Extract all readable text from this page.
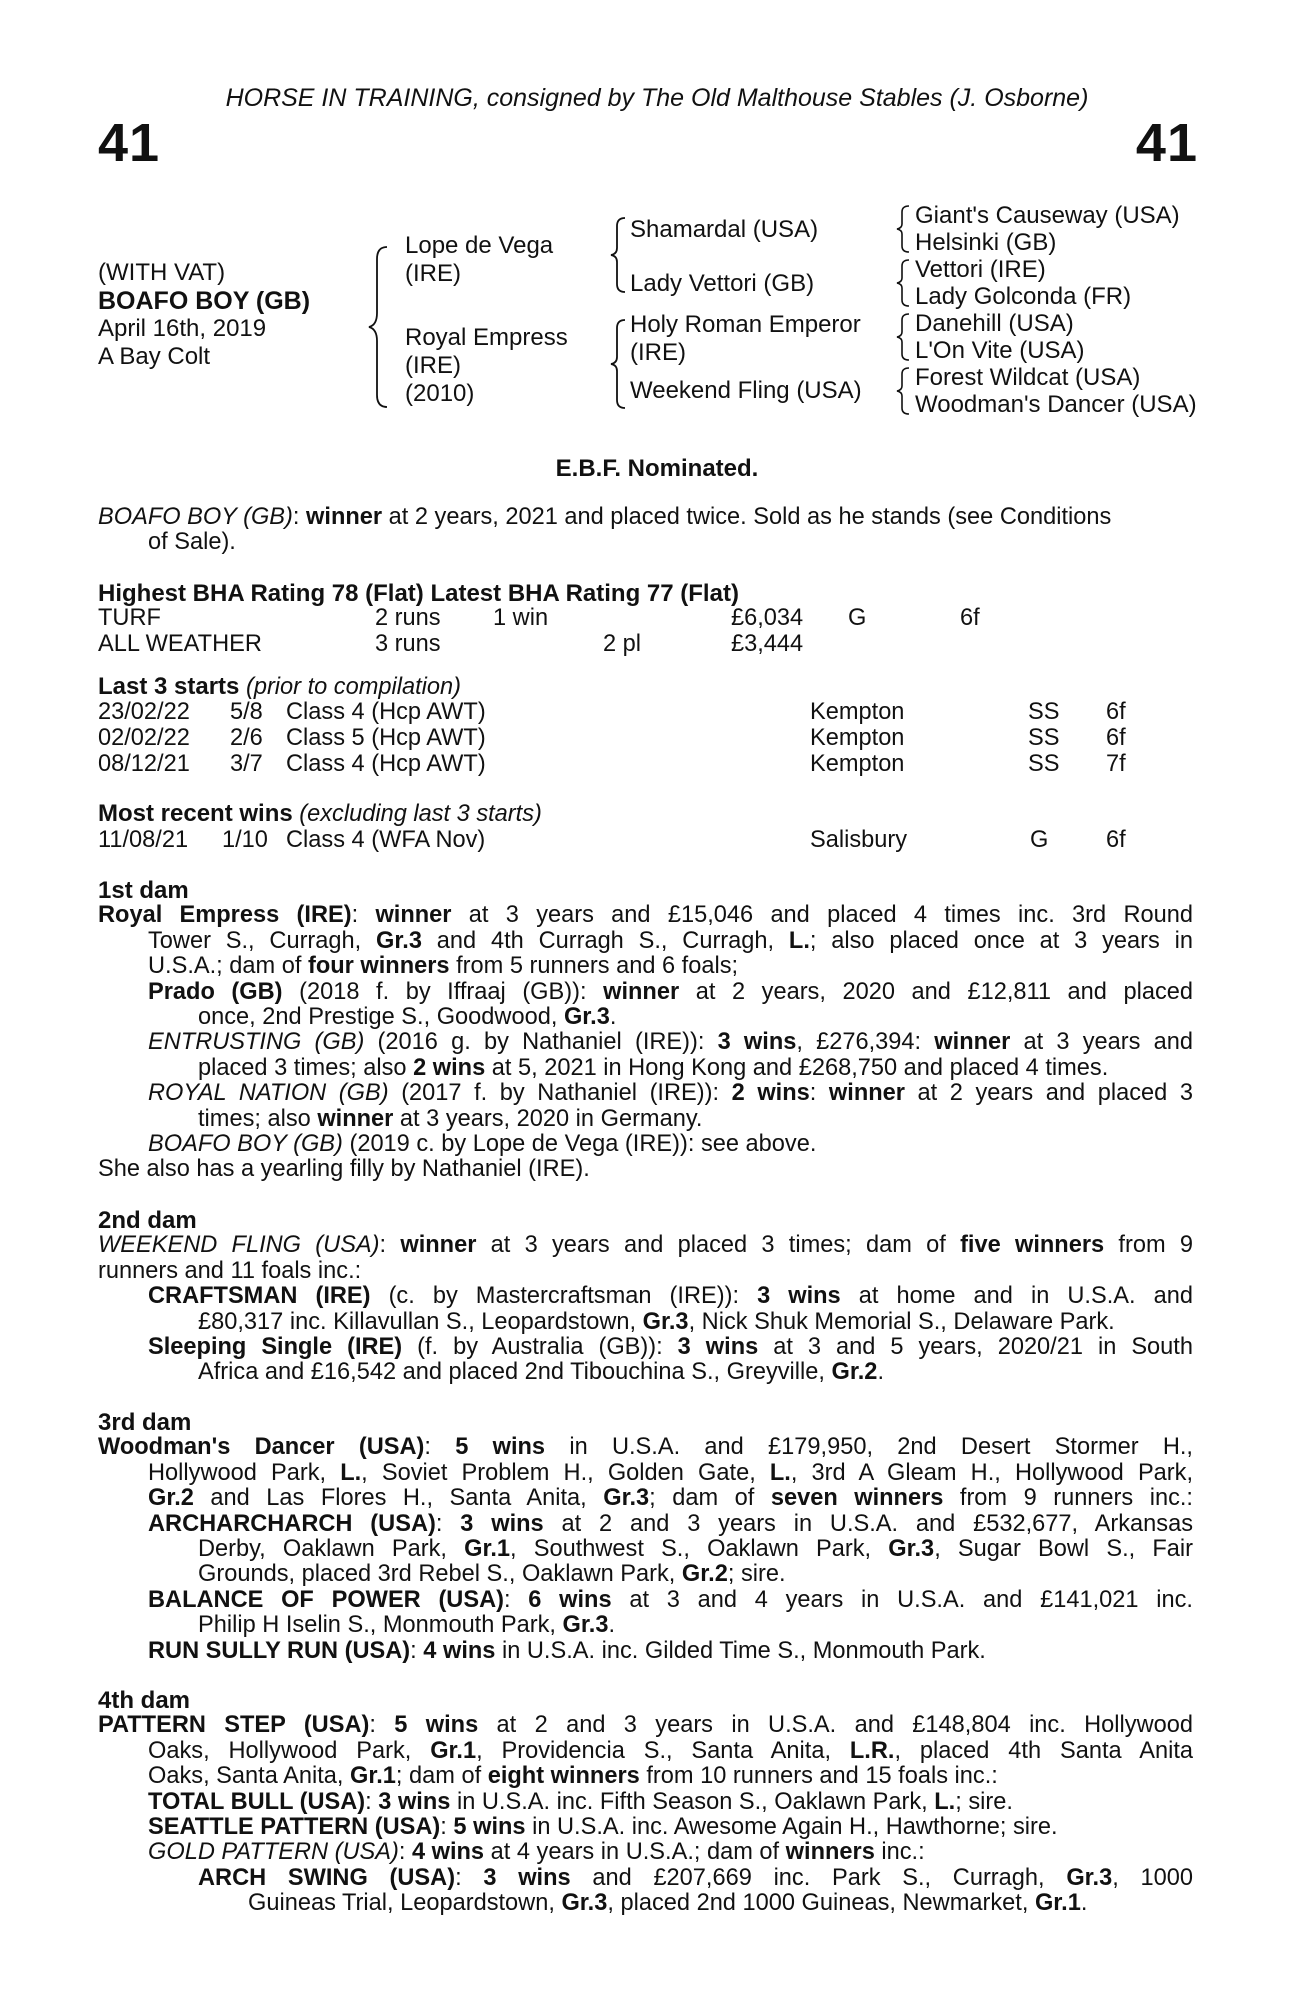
HORSE IN TRAINING, consigned by The Old Malthouse Stables (J. Osborne)
41	41
(WITH VAT)
BOAFO BOY (GB)
April 16th, 2019
A Bay Colt
Lope de Vega
(IRE)
Royal Empress
(IRE)
(2010)
Shamardal (USA)
Lady Vettori (GB)
Holy Roman Emperor
(IRE)
Weekend Fling (USA)
Giant's Causeway (USA)
Helsinki (GB)
Vettori (IRE)
Lady Golconda (FR)
Danehill (USA)
L'On Vite (USA)
Forest Wildcat (USA)
Woodman's Dancer (USA)
E.B.F. Nominated.
BOAFO BOY (GB): winner at 2 years, 2021 and placed twice. Sold as he stands (see Conditions
of Sale).
Highest BHA Rating 78 (Flat) Latest BHA Rating 77 (Flat)
TURF	2 runs 1 win	£6,034 G	6f
ALL WEATHER	3 runs	2 pl	£3,444
Last 3 starts (prior to compilation)
23/02/22 5/8 Class 4 (Hcp AWT)	Kempton	SS 6f
02/02/22 2/6 Class 5 (Hcp AWT)	Kempton	SS 6f
08/12/21 3/7 Class 4 (Hcp AWT)	Kempton	SS 7f
Most recent wins (excluding last 3 starts)
11/08/21 1/10 Class 4 (WFA Nov)	Salisbury	G 6f
1st dam
Royal Empress (IRE): winner at 3 years and £15,046 and placed 4 times inc. 3rd Round
Tower S., Curragh, Gr.3 and 4th Curragh S., Curragh, L.; also placed once at 3 years in
U.S.A.; dam of four winners from 5 runners and 6 foals;
Prado (GB) (2018 f. by Iffraaj (GB)): winner at 2 years, 2020 and £12,811 and placed
once, 2nd Prestige S., Goodwood, Gr.3.
ENTRUSTING (GB) (2016 g. by Nathaniel (IRE)): 3 wins, £276,394: winner at 3 years and
placed 3 times; also 2 wins at 5, 2021 in Hong Kong and £268,750 and placed 4 times.
ROYAL NATION (GB) (2017 f. by Nathaniel (IRE)): 2 wins: winner at 2 years and placed 3
times; also winner at 3 years, 2020 in Germany.
BOAFO BOY (GB) (2019 c. by Lope de Vega (IRE)): see above.
She also has a yearling filly by Nathaniel (IRE).
2nd dam
WEEKEND FLING (USA): winner at 3 years and placed 3 times; dam of five winners from 9
runners and 11 foals inc.:
CRAFTSMAN (IRE) (c. by Mastercraftsman (IRE)): 3 wins at home and in U.S.A. and
£80,317 inc. Killavullan S., Leopardstown, Gr.3, Nick Shuk Memorial S., Delaware Park.
Sleeping Single (IRE) (f. by Australia (GB)): 3 wins at 3 and 5 years, 2020/21 in South
Africa and £16,542 and placed 2nd Tibouchina S., Greyville, Gr.2.
3rd dam
Woodman's Dancer (USA): 5 wins in U.S.A. and £179,950, 2nd Desert Stormer H.,
Hollywood Park, L., Soviet Problem H., Golden Gate, L., 3rd A Gleam H., Hollywood Park,
Gr.2 and Las Flores H., Santa Anita, Gr.3; dam of seven winners from 9 runners inc.:
ARCHARCHARCH (USA): 3 wins at 2 and 3 years in U.S.A. and £532,677, Arkansas
Derby, Oaklawn Park, Gr.1, Southwest S., Oaklawn Park, Gr.3, Sugar Bowl S., Fair
Grounds, placed 3rd Rebel S., Oaklawn Park, Gr.2; sire.
BALANCE OF POWER (USA): 6 wins at 3 and 4 years in U.S.A. and £141,021 inc.
Philip H Iselin S., Monmouth Park, Gr.3.
RUN SULLY RUN (USA): 4 wins in U.S.A. inc. Gilded Time S., Monmouth Park.
4th dam
PATTERN STEP (USA): 5 wins at 2 and 3 years in U.S.A. and £148,804 inc. Hollywood
Oaks, Hollywood Park, Gr.1, Providencia S., Santa Anita, L.R., placed 4th Santa Anita
Oaks, Santa Anita, Gr.1; dam of eight winners from 10 runners and 15 foals inc.:
TOTAL BULL (USA): 3 wins in U.S.A. inc. Fifth Season S., Oaklawn Park, L.; sire.
SEATTLE PATTERN (USA): 5 wins in U.S.A. inc. Awesome Again H., Hawthorne; sire.
GOLD PATTERN (USA): 4 wins at 4 years in U.S.A.; dam of winners inc.:
ARCH SWING (USA): 3 wins and £207,669 inc. Park S., Curragh, Gr.3, 1000
Guineas Trial, Leopardstown, Gr.3, placed 2nd 1000 Guineas, Newmarket, Gr.1.
